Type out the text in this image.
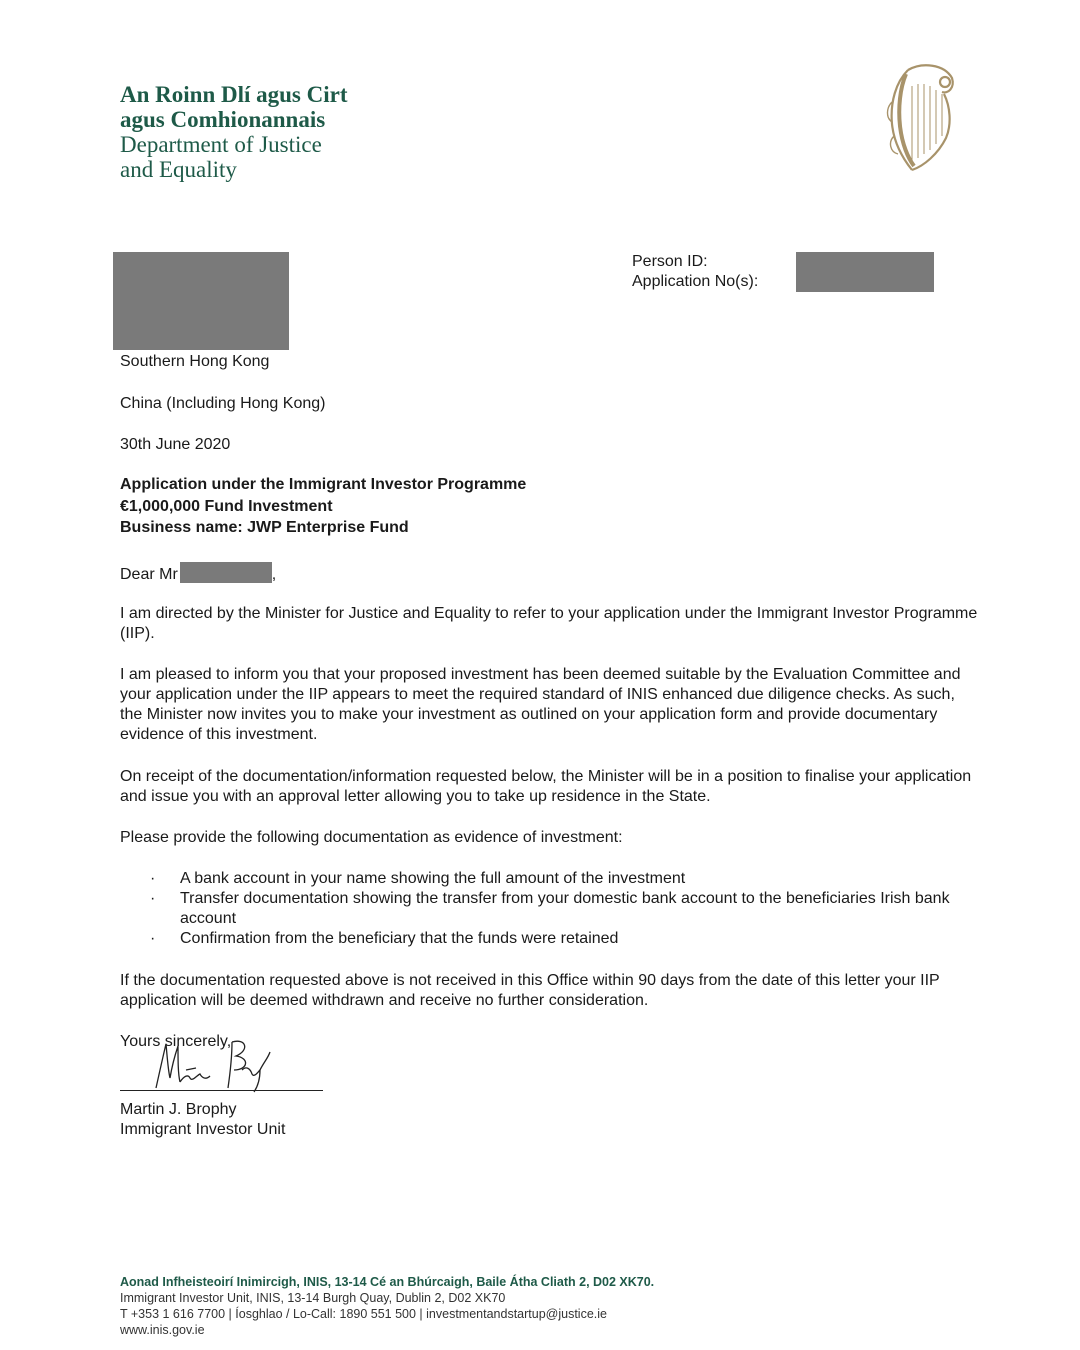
An Roinn Dlí agus Cirt
agus Comhionannais
Department of Justice
and Equality
Person ID:
Application No(s):
Southern Hong Kong
China (Including Hong Kong)
30th June 2020
Application under the Immigrant Investor Programme
€1,000,000 Fund Investment
Business name: JWP Enterprise Fund
Dear Mr	,

I am directed by the Minister for Justice and Equality to refer to your application under the Immigrant Investor Programme (IIP).

I am pleased to inform you that your proposed investment has been deemed suitable by the Evaluation Committee and your application under the IIP appears to meet the required standard of INIS enhanced due diligence checks. As such, the Minister now invites you to make your investment as outlined on your application form and provide documentary evidence of this investment.

On receipt of the documentation/information requested below, the Minister will be in a position to finalise your application and issue you with an approval letter allowing you to take up residence in the State.

Please provide the following documentation as evidence of investment:

· A bank account in your name showing the full amount of the investment
· Transfer documentation showing the transfer from your domestic bank account to the beneficiaries Irish bank account
· Confirmation from the beneficiary that the funds were retained

If the documentation requested above is not received in this Office within 90 days from the date of this letter your IIP application will be deemed withdrawn and receive no further consideration.

Yours sincerely,
Martin J. Brophy
Immigrant Investor Unit
Aonad Infheisteoirí Inimircigh, INIS, 13-14 Cé an Bhúrcaigh, Baile Átha Cliath 2, D02 XK70.
Immigrant Investor Unit, INIS, 13-14 Burgh Quay, Dublin 2, D02 XK70
T +353 1 616 7700 | Íosghlao / Lo-Call: 1890 551 500 | investmentandstartup@justice.ie
www.inis.gov.ie
